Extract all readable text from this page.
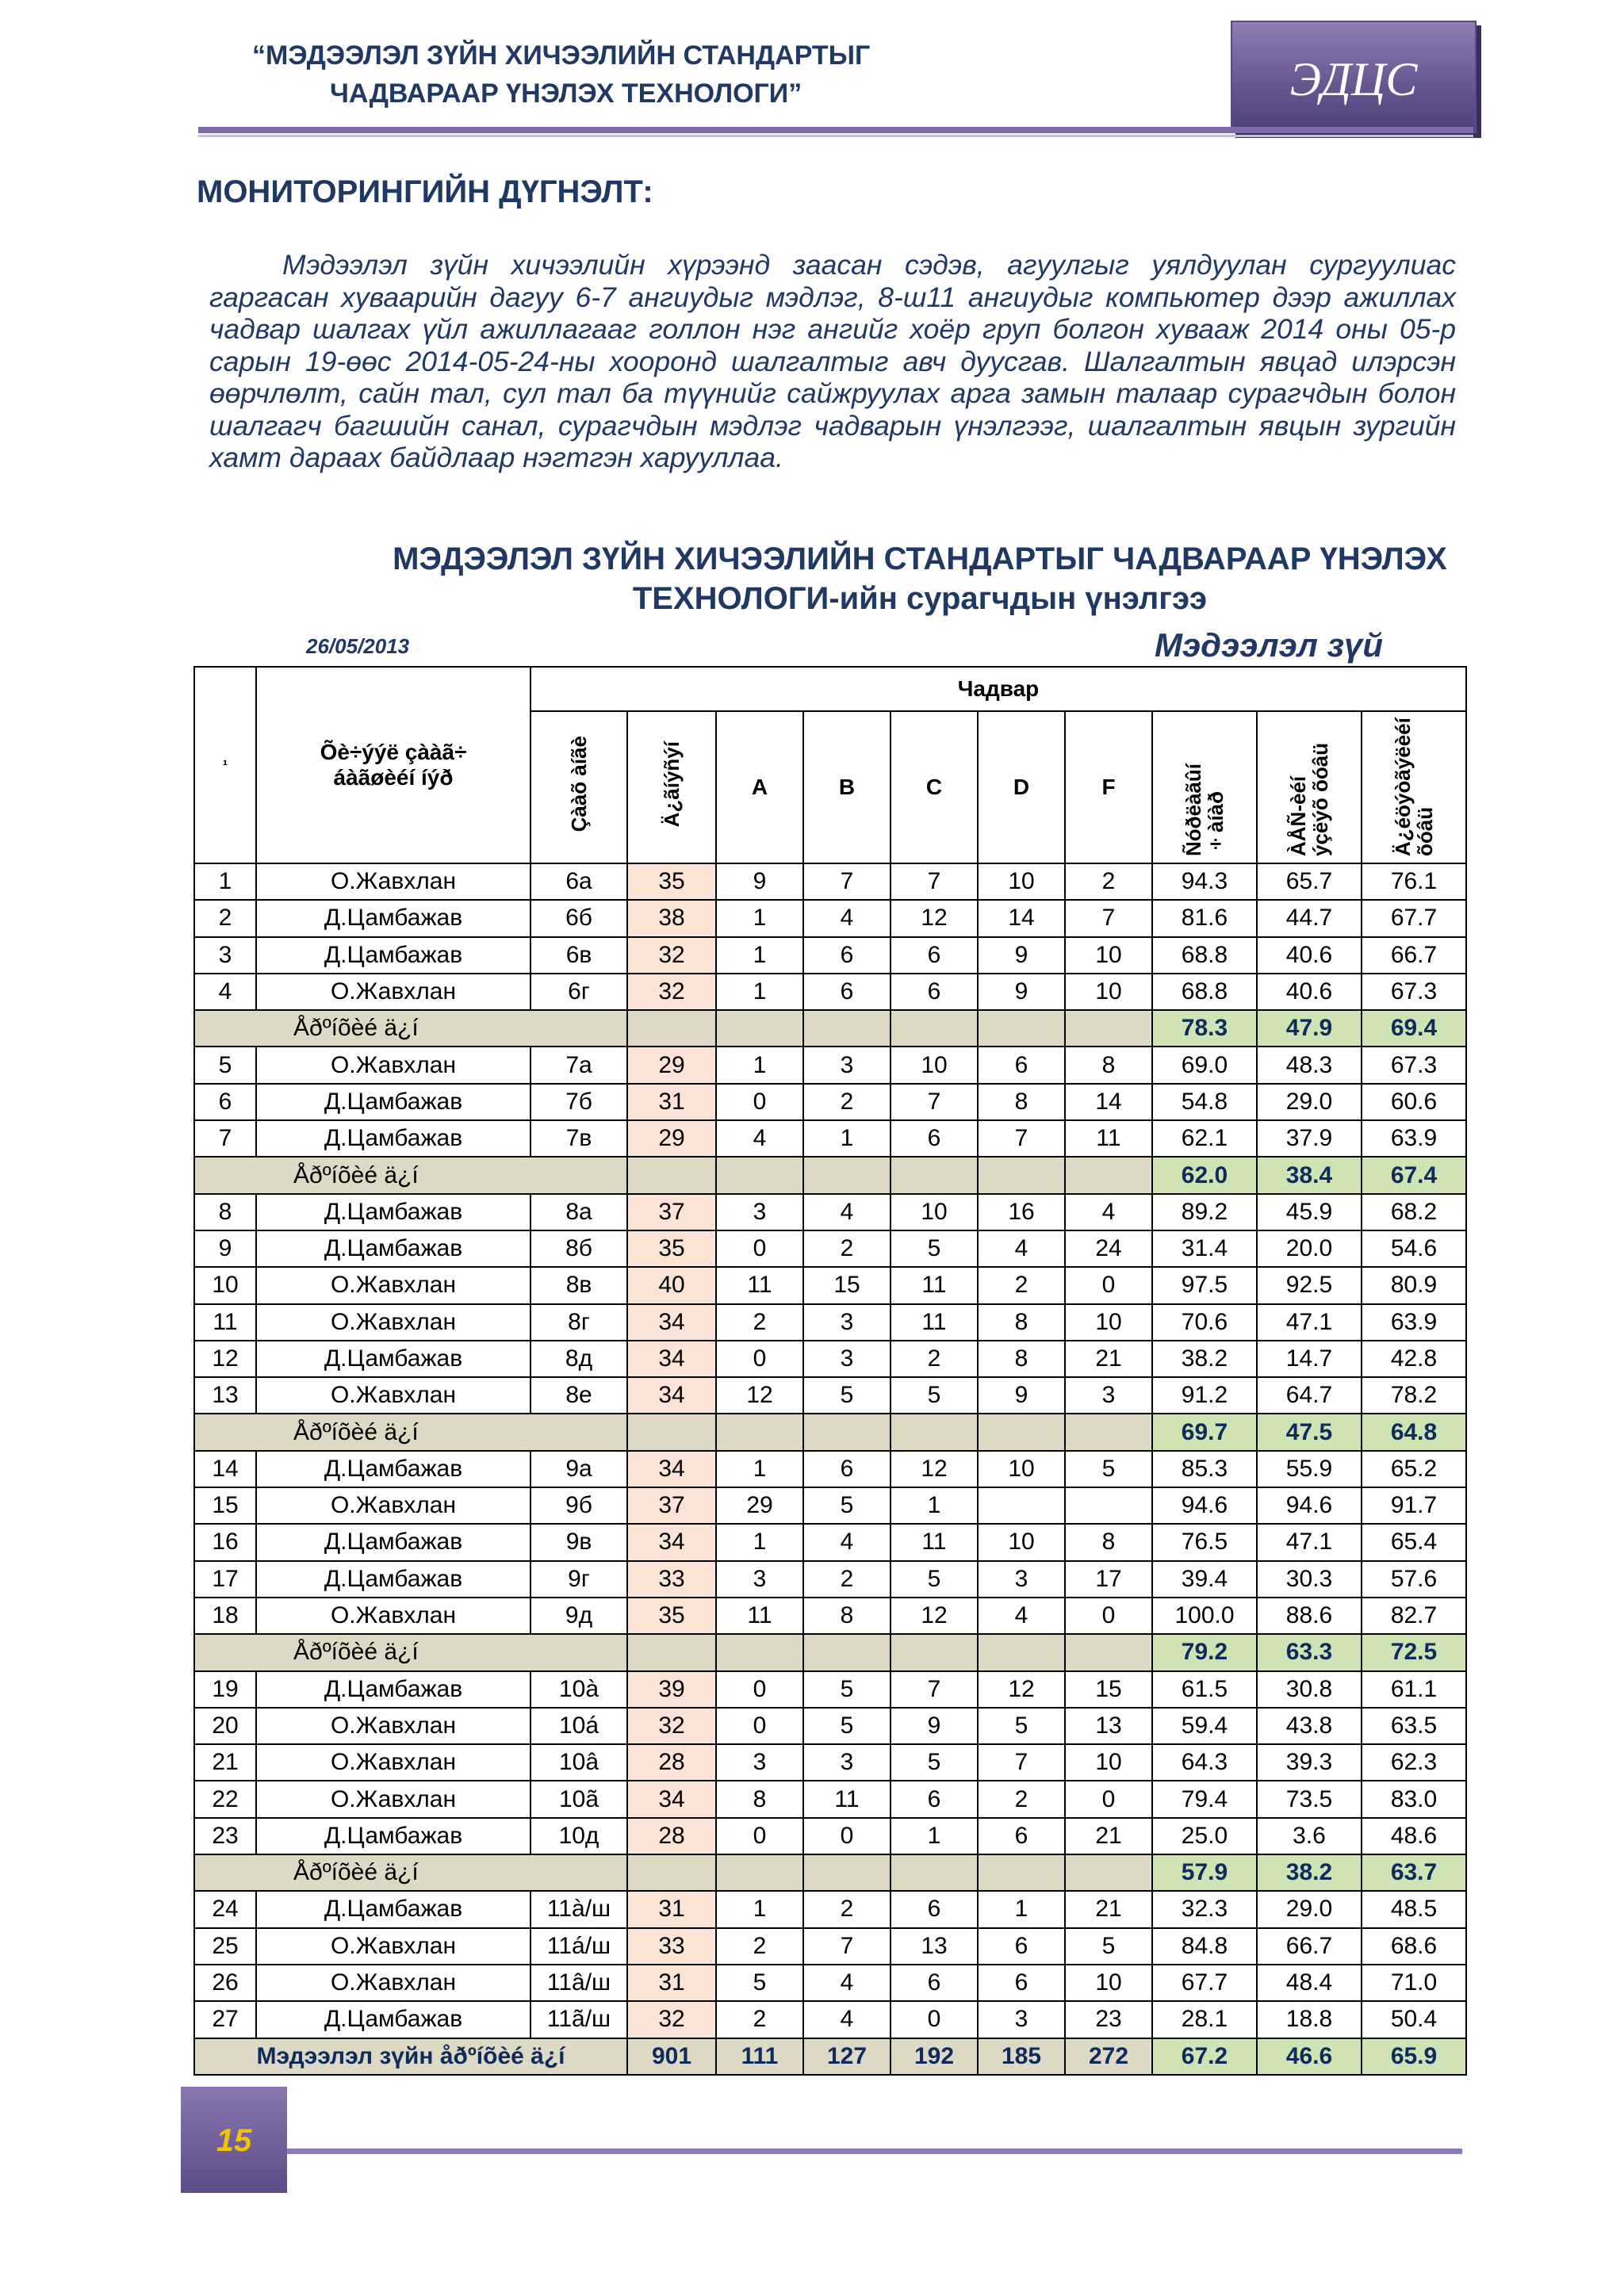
“МЭДЭЭЛЭЛ ЗҮЙН ХИЧЭЭЛИЙН СТАНДАРТЫГ
ЧАДВАРААР ҮНЭЛЭХ ТЕХНОЛОГИ”	ЭДЦС
МОНИТОРИНГИЙН ДҮГНЭЛТ:
Мэдээлэл зүйн хичээлийн хүрээнд заасан сэдэв, агуулгыг уялдуулан сургуулиас гаргасан хуваарийн дагуу 6-7 ангиудыг мэдлэг, 8-ш11 ангиудыг компьютер дээр ажиллах чадвар шалгах үйл ажиллагааг голлон нэг ангийг хоёр груп болгон хувааж 2014 оны 05-р сарын 19-өөс 2014-05-24-ны хооронд шалгалтыг авч дуусгав. Шалгалтын явцад илэрсэн өөрчлөлт, сайн тал, сул тал ба түүнийг сайжруулах арга замын талаар сурагчдын болон шалгагч багшийн санал, сурагчдын мэдлэг чадварын үнэлгээг, шалгалтын явцын зургийн хамт дараах байдлаар нэгтгэн харууллаа.
МЭДЭЭЛЭЛ ЗҮЙН ХИЧЭЭЛИЙН СТАНДАРТЫГ ЧАДВАРААР ҮНЭЛЭХ
ТЕХНОЛОГИ-ийн сурагчдын үнэлгээ
26/05/2013	Мэдээлэл зүй
¹	Õè÷ýýë çààã÷ áàãøèéí íýð	Чадвар									
		Çààõ àíãè	Ä¿ãíýñýí	A	B	C	D	F	Ñóðëàãûí ÷àíàð	ÀÅÑ-èéí ýçëýõ õóâü	Ä¿éöýòãýëèéí õóâü
1	О.Жавхлан	6а	35	9	7	7	10	2	94.3	65.7	76.1
2	Д.Цамбажав	6б	38	1	4	12	14	7	81.6	44.7	67.7
3	Д.Цамбажав	6в	32	1	6	6	9	10	68.8	40.6	66.7
4	О.Жавхлан	6г	32	1	6	6	9	10	68.8	40.6	67.3
Åðºíõèé ä¿í									78.3	47.9	69.4
5	О.Жавхлан	7а	29	1	3	10	6	8	69.0	48.3	67.3
6	Д.Цамбажав	7б	31	0	2	7	8	14	54.8	29.0	60.6
7	Д.Цамбажав	7в	29	4	1	6	7	11	62.1	37.9	63.9
Åðºíõèé ä¿í									62.0	38.4	67.4
8	Д.Цамбажав	8а	37	3	4	10	16	4	89.2	45.9	68.2
9	Д.Цамбажав	8б	35	0	2	5	4	24	31.4	20.0	54.6
10	О.Жавхлан	8в	40	11	15	11	2	0	97.5	92.5	80.9
11	О.Жавхлан	8г	34	2	3	11	8	10	70.6	47.1	63.9
12	Д.Цамбажав	8д	34	0	3	2	8	21	38.2	14.7	42.8
13	О.Жавхлан	8е	34	12	5	5	9	3	91.2	64.7	78.2
Åðºíõèé ä¿í									69.7	47.5	64.8
14	Д.Цамбажав	9а	34	1	6	12	10	5	85.3	55.9	65.2
15	О.Жавхлан	9б	37	29	5	1			94.6	94.6	91.7
16	Д.Цамбажав	9в	34	1	4	11	10	8	76.5	47.1	65.4
17	Д.Цамбажав	9г	33	3	2	5	3	17	39.4	30.3	57.6
18	О.Жавхлан	9д	35	11	8	12	4	0	100.0	88.6	82.7
Åðºíõèé ä¿í									79.2	63.3	72.5
19	Д.Цамбажав	10à	39	0	5	7	12	15	61.5	30.8	61.1
20	О.Жавхлан	10á	32	0	5	9	5	13	59.4	43.8	63.5
21	О.Жавхлан	10â	28	3	3	5	7	10	64.3	39.3	62.3
22	О.Жавхлан	10ã	34	8	11	6	2	0	79.4	73.5	83.0
23	Д.Цамбажав	10д	28	0	0	1	6	21	25.0	3.6	48.6
Åðºíõèé ä¿í									57.9	38.2	63.7
24	Д.Цамбажав	11à/ш	31	1	2	6	1	21	32.3	29.0	48.5
25	О.Жавхлан	11á/ш	33	2	7	13	6	5	84.8	66.7	68.6
26	О.Жавхлан	11â/ш	31	5	4	6	6	10	67.7	48.4	71.0
27	Д.Цамбажав	11ã/ш	32	2	4	0	3	23	28.1	18.8	50.4
Мэдээлэл зүйн åðºíõèé ä¿í			901	111	127	192	185	272	67.2	46.6	65.9
15
